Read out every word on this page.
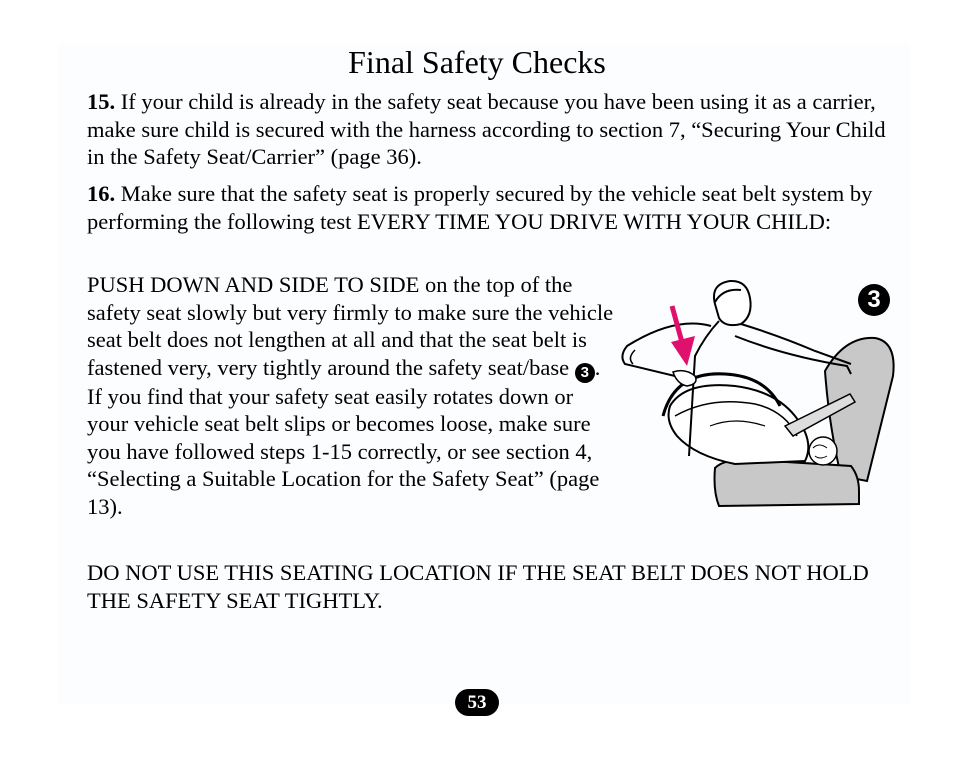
Final Safety Checks
15. If your child is already in the safety seat because you have been using it as a carrier, make sure child is secured with the harness according to section 7, “Securing Your Child in the Safety Seat/Carrier” (page 36).
16. Make sure that the safety seat is properly secured by the vehicle seat belt system by performing the following test EVERY TIME YOU DRIVE WITH YOUR CHILD:
PUSH DOWN AND SIDE TO SIDE on the top of the safety seat slowly but very firmly to make sure the vehicle seat belt does not lengthen at all and that the seat belt is fastened very, very tightly around the safety seat/base 3 . If you find that your safety seat easily rotates down or your vehicle seat belt slips or becomes loose, make sure you have followed steps 1-15 correctly, or see section 4, “Selecting a Suitable Location for the Safety Seat” (page 13).
3
DO NOT USE THIS SEATING LOCATION IF THE SEAT BELT DOES NOT HOLD THE SAFETY SEAT TIGHTLY.
53
